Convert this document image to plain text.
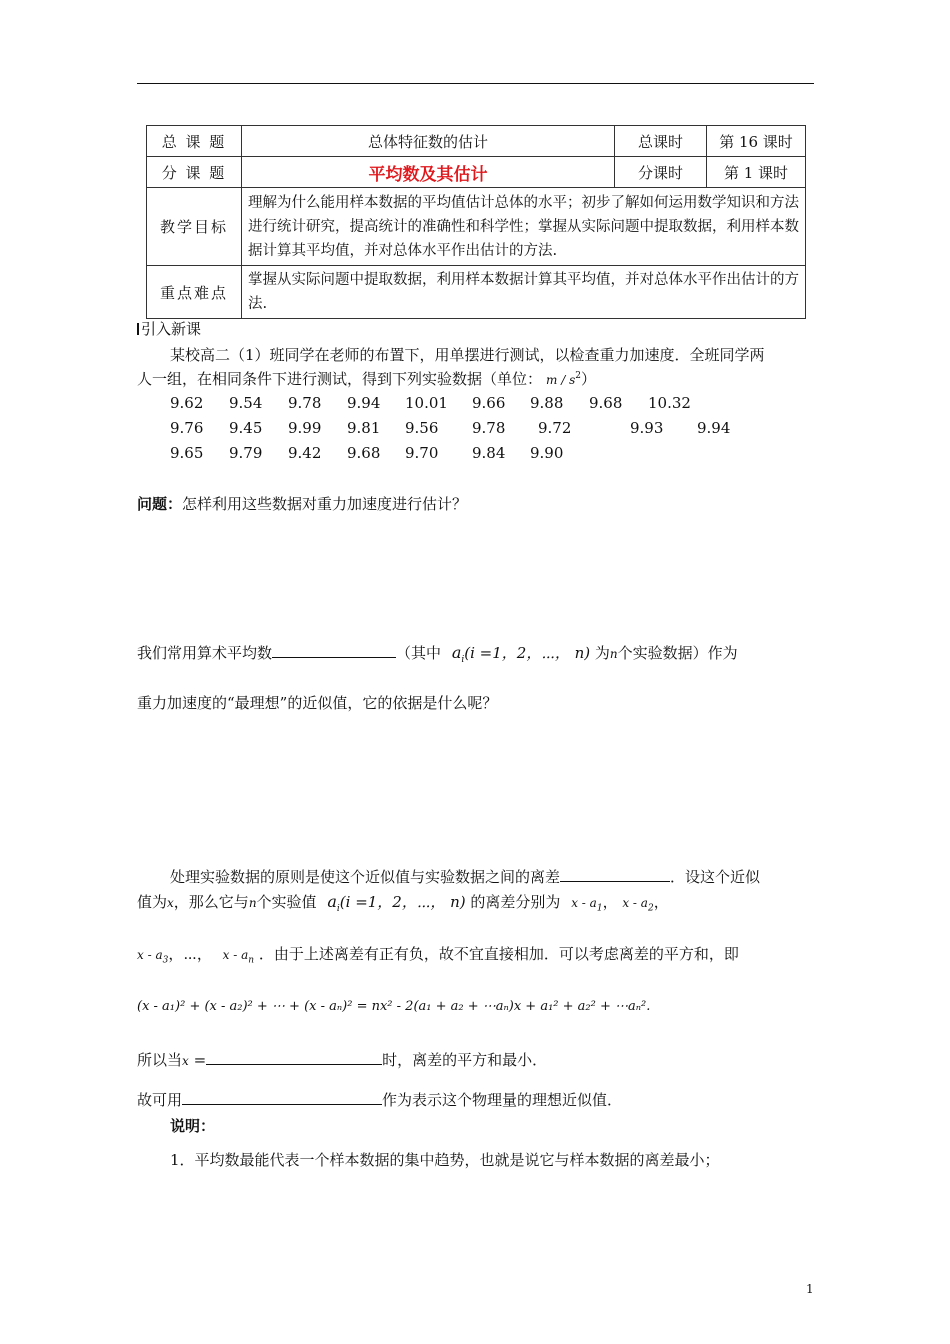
总 课 题	总体特征数的估计	总课时	第 16 课时
分 课 题	平均数及其估计	分课时	第 1 课时
教学目标	理解为什么能用样本数据的平均值估计总体的水平；初步了解如何运用数学知识和方法进行统计研究，提高统计的准确性和科学性；掌握从实际问题中提取数据，利用样本数据计算其平均值，并对总体水平作出估计的方法.		
重点难点	掌握从实际问题中提取数据，利用样本数据计算其平均值，并对总体水平作出估计的方法.		
引入新课
某校高二（1）班同学在老师的布置下，用单摆进行测试，以检查重力加速度．全班同学两
人一组，在相同条件下进行测试，得到下列实验数据（单位： m / $s^2$）
9.62 9.54 9.78 9.94 10.01 9.66 9.88 9.68 10.32
9.76 9.45 9.99 9.81 9.56 9.78 9.72	9.93 9.94
9.65 9.79 9.42 9.68 9.70 9.84 9.90
问题：怎样利用这些数据对重力加速度进行估计？
我们常用算术平均数	（其中 $a_i(i =1$，2，⋯， n) 为n个实验数据）作为
重力加速度的“最理想”的近似值，它的依据是什么呢？
处理实验数据的原则是使这个近似值与实验数据之间的离差	．设这个近似
值为x，那么它与n个实验值 $a_i(i =1$，2，⋯， n) 的离差分别为 x - $a_1$， x - $a_2$，
x - $a_3$，⋯， x - $a_n$ ．由于上述离差有正有负，故不宜直接相加．可以考虑离差的平方和，即
(x - a₁)² + (x - a₂)² + ⋯ + (x - aₙ)² = nx² - 2(a₁ + a₂ + ⋯aₙ)x + a₁² + a₂² + ⋯aₙ².
所以当x =	时，离差的平方和最小．
故可用	作为表示这个物理量的理想近似值．
说明：
1．平均数最能代表一个样本数据的集中趋势，也就是说它与样本数据的离差最小；
1
